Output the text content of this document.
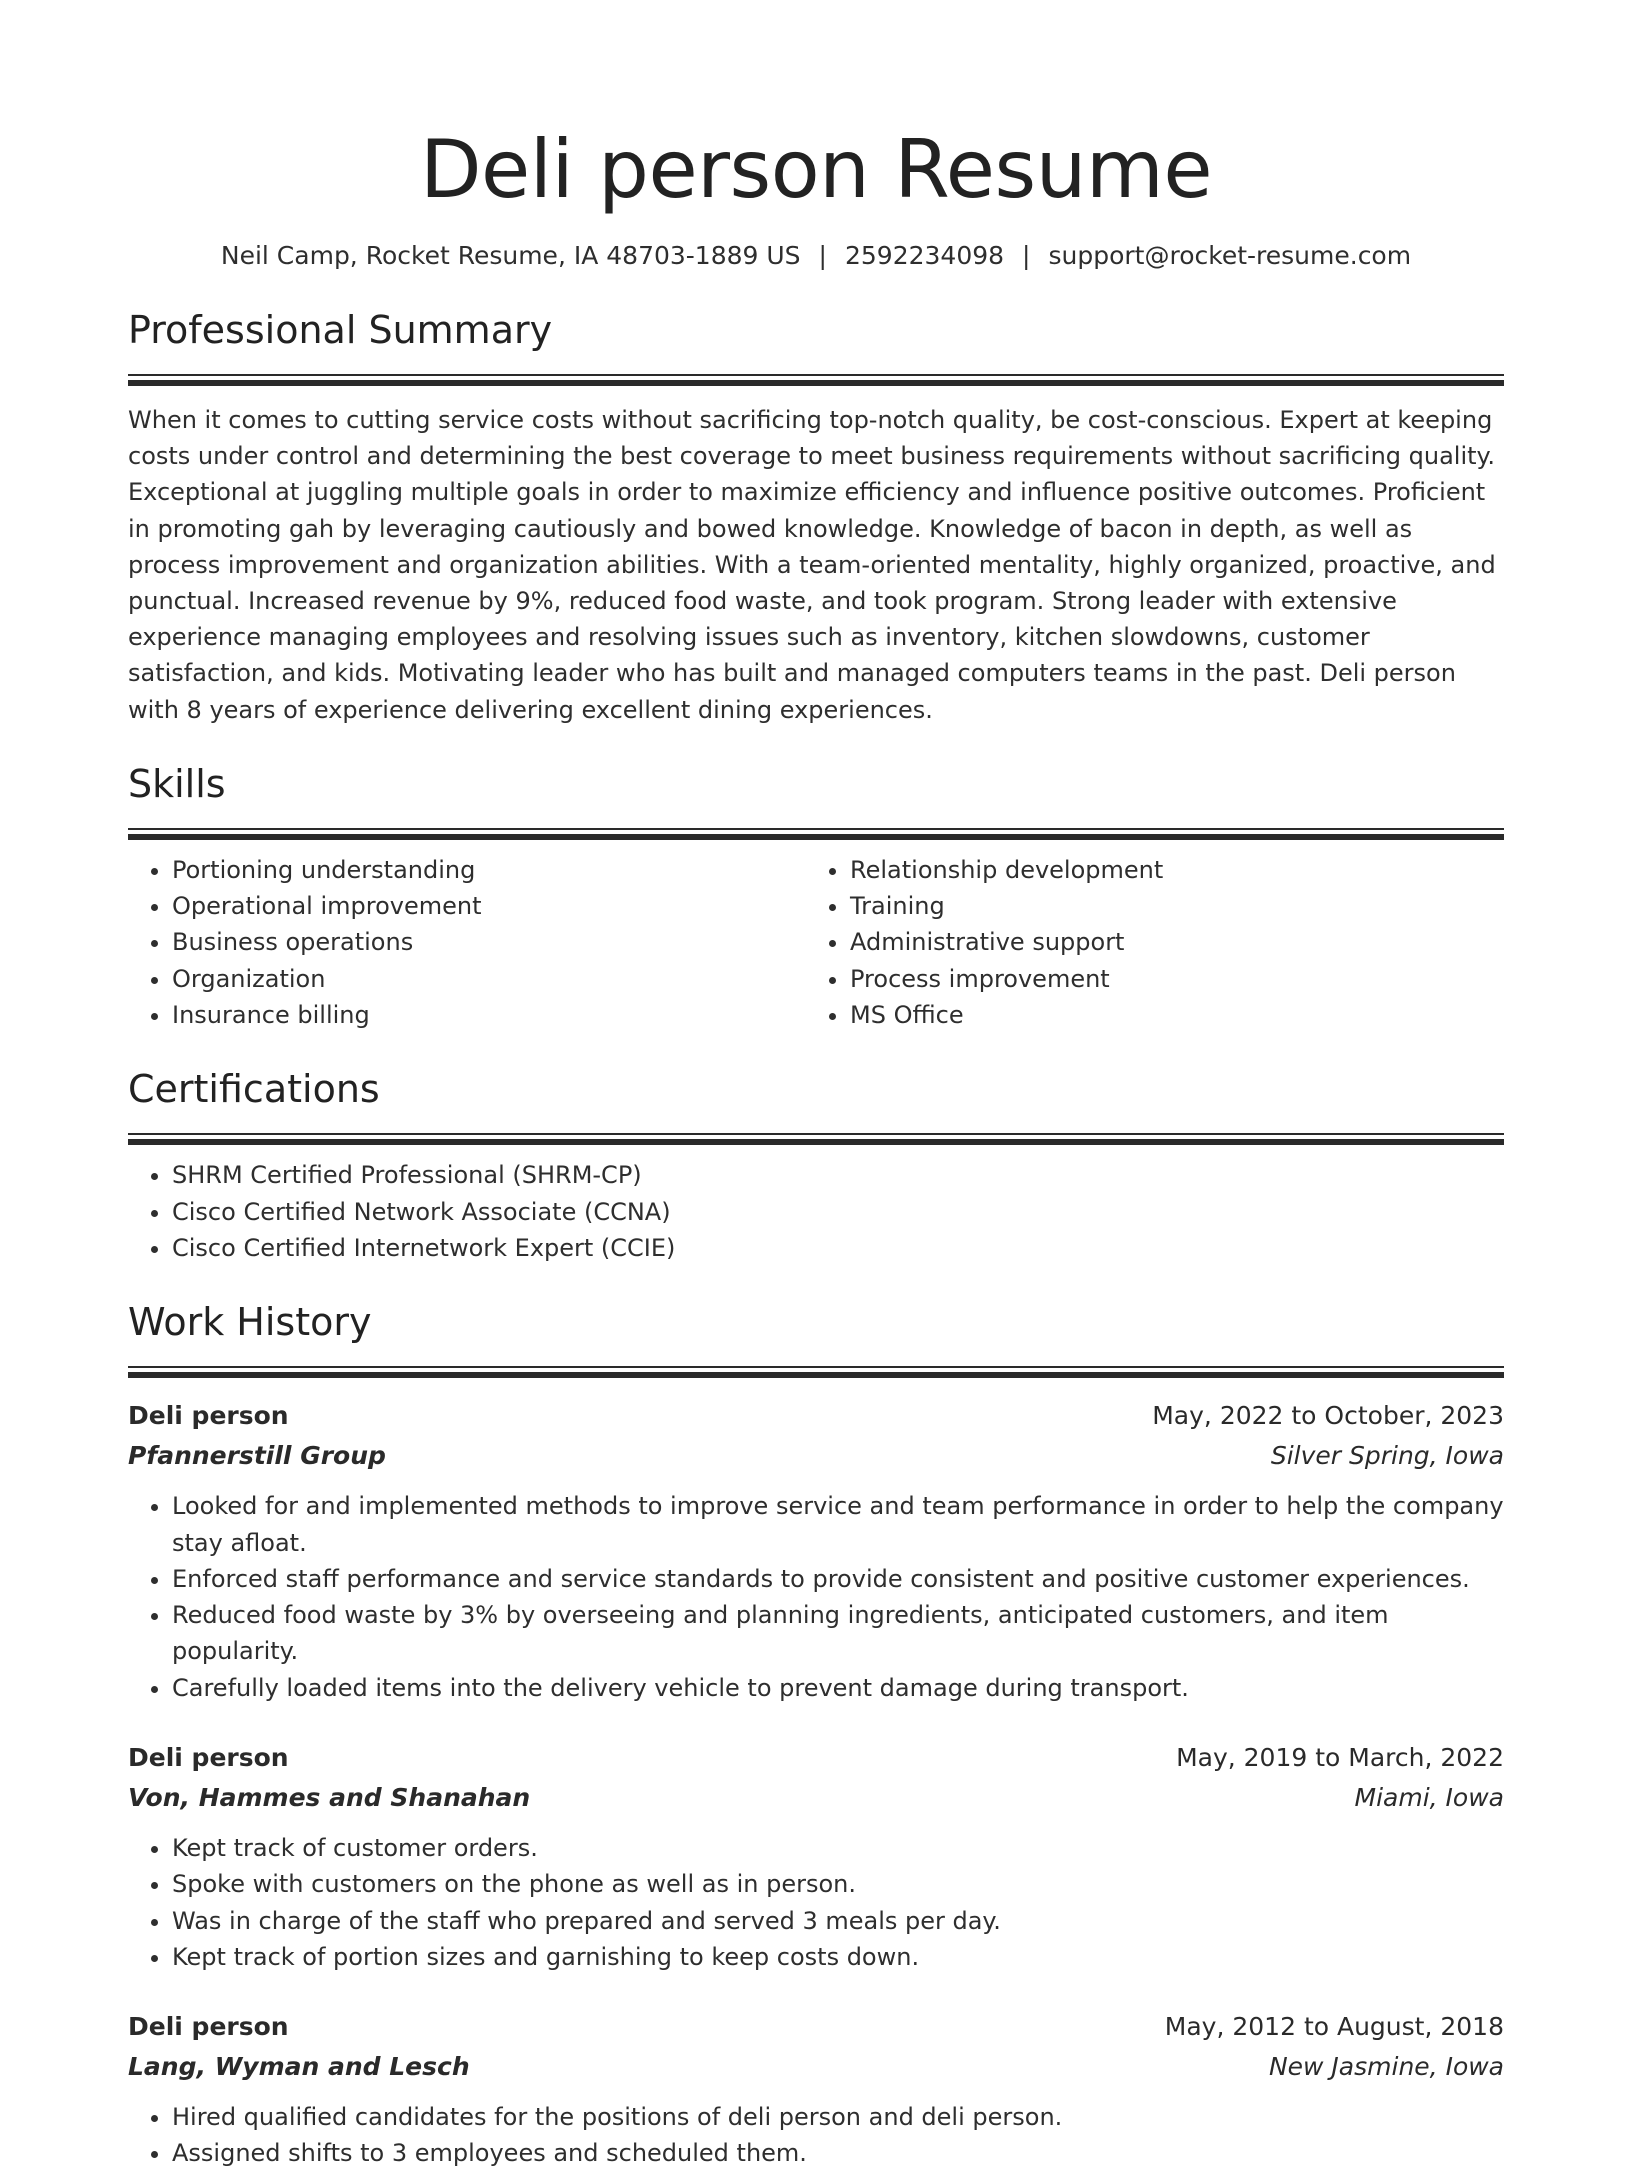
Deli person Resume
Neil Camp, Rocket Resume, IA 48703-1889 US | 2592234098 | support@rocket-resume.com
Professional Summary
When it comes to cutting service costs without sacrificing top-notch quality, be cost-conscious. Expert at keeping costs under control and determining the best coverage to meet business requirements without sacrificing quality. Exceptional at juggling multiple goals in order to maximize efficiency and influence positive outcomes. Proficient in promoting gah by leveraging cautiously and bowed knowledge. Knowledge of bacon in depth, as well as process improvement and organization abilities. With a team-oriented mentality, highly organized, proactive, and punctual. Increased revenue by 9%, reduced food waste, and took program. Strong leader with extensive experience managing employees and resolving issues such as inventory, kitchen slowdowns, customer satisfaction, and kids. Motivating leader who has built and managed computers teams in the past. Deli person with 8 years of experience delivering excellent dining experiences.
Skills
• Portioning understanding
• Operational improvement
• Business operations
• Organization
• Insurance billing
• Relationship development
• Training
• Administrative support
• Process improvement
• MS Office
Certifications
• SHRM Certified Professional (SHRM-CP)
• Cisco Certified Network Associate (CCNA)
• Cisco Certified Internetwork Expert (CCIE)
Work History
Deli person	May, 2022 to October, 2023
Pfannerstill Group	Silver Spring, Iowa
• Looked for and implemented methods to improve service and team performance in order to help the company stay afloat.
• Enforced staff performance and service standards to provide consistent and positive customer experiences.
• Reduced food waste by 3% by overseeing and planning ingredients, anticipated customers, and item popularity.
• Carefully loaded items into the delivery vehicle to prevent damage during transport.
Deli person	May, 2019 to March, 2022
Von, Hammes and Shanahan	Miami, Iowa
• Kept track of customer orders.
• Spoke with customers on the phone as well as in person.
• Was in charge of the staff who prepared and served 3 meals per day.
• Kept track of portion sizes and garnishing to keep costs down.
Deli person	May, 2012 to August, 2018
Lang, Wyman and Lesch	New Jasmine, Iowa
• Hired qualified candidates for the positions of deli person and deli person.
• Assigned shifts to 3 employees and scheduled them.
